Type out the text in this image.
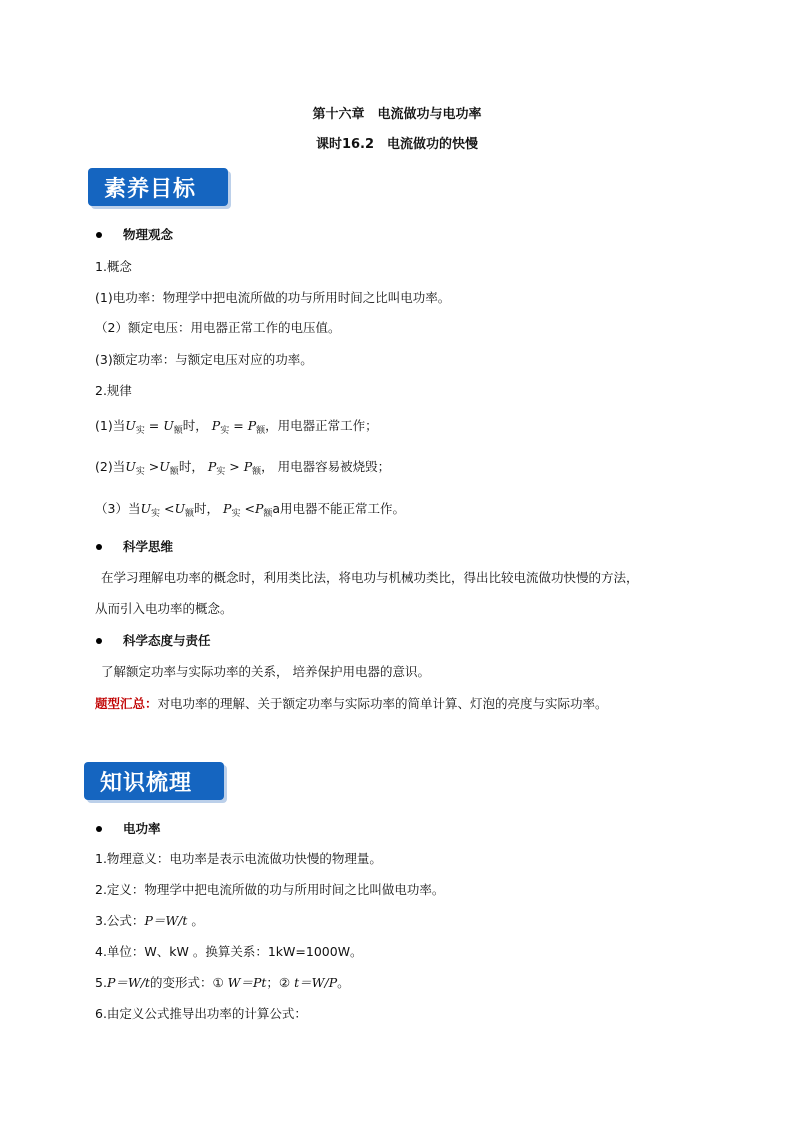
第十六章　电流做功与电功率
课时16.2　电流做功的快慢
素养目标
物理观念
1.概念
(1)电功率：物理学中把电流所做的功与所用时间之比叫电功率。
（2）额定电压：用电器正常工作的电压值。
(3)额定功率：与额定电压对应的功率。
2.规律
(1)当$U_实 = U_额$时， $P_实 = P_额$，用电器正常工作；
(2)当$U_实 >U_额$时， $P_实 > P_额$， 用电器容易被烧毁；
（3）当$U_实 <U_额$时， $P_实 <P_额a$用电器不能正常工作。
科学思维
在学习理解电功率的概念时，利用类比法，将电功与机械功类比，得出比较电流做功快慢的方法，
从而引入电功率的概念。
科学态度与责任
了解额定功率与实际功率的关系， 培养保护用电器的意识。
题型汇总：对电功率的理解、关于额定功率与实际功率的简单计算、灯泡的亮度与实际功率。
知识梳理
电功率
1.物理意义：电功率是表示电流做功快慢的物理量。
2.定义：物理学中把电流所做的功与所用时间之比叫做电功率。
3.公式：P＝W/t 。
4.单位：W、kW 。换算关系：1kW=1000W。
5.P＝W/t的变形式：① W＝Pt；② t＝W/P。
6.由定义公式推导出功率的计算公式：
